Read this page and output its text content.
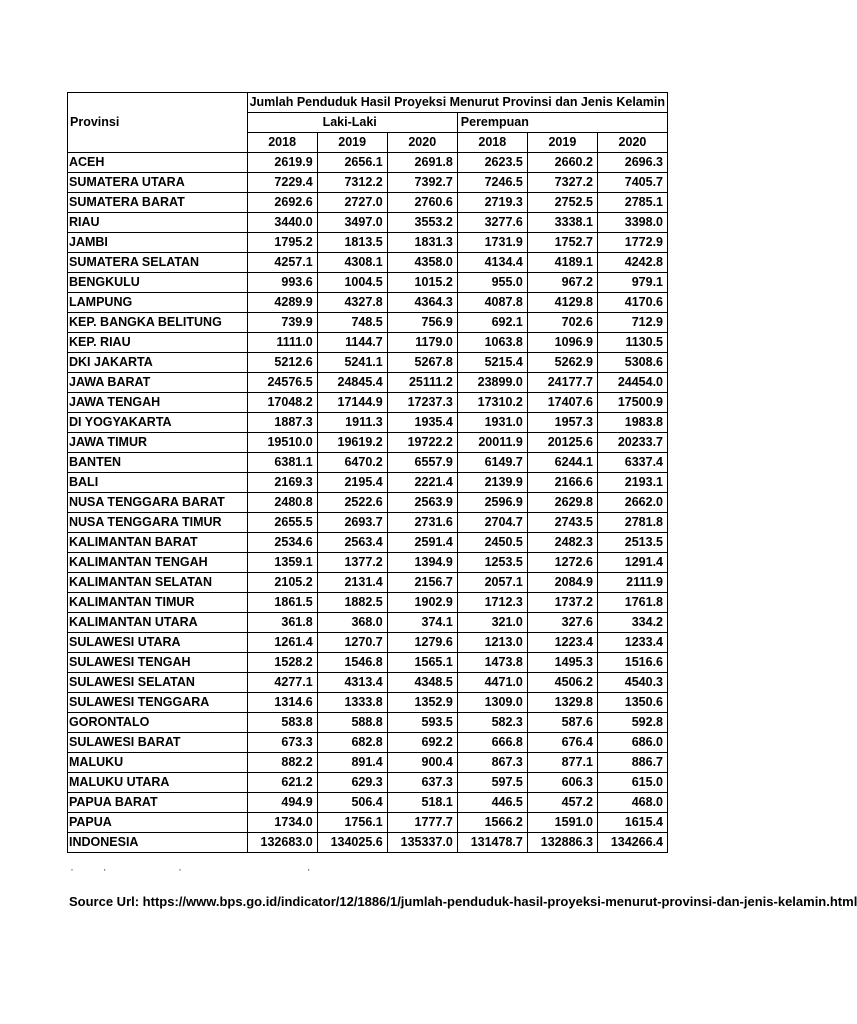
Provinsi	Jumlah Penduduk Hasil Proyeksi Menurut Provinsi dan Jenis Kelamin					
	Laki-Laki			Perempuan		
	2018	2019	2020	2018	2019	2020
ACEH	2619.9	2656.1	2691.8	2623.5	2660.2	2696.3
SUMATERA UTARA	7229.4	7312.2	7392.7	7246.5	7327.2	7405.7
SUMATERA BARAT	2692.6	2727.0	2760.6	2719.3	2752.5	2785.1
RIAU	3440.0	3497.0	3553.2	3277.6	3338.1	3398.0
JAMBI	1795.2	1813.5	1831.3	1731.9	1752.7	1772.9
SUMATERA SELATAN	4257.1	4308.1	4358.0	4134.4	4189.1	4242.8
BENGKULU	993.6	1004.5	1015.2	955.0	967.2	979.1
LAMPUNG	4289.9	4327.8	4364.3	4087.8	4129.8	4170.6
KEP. BANGKA BELITUNG	739.9	748.5	756.9	692.1	702.6	712.9
KEP. RIAU	1111.0	1144.7	1179.0	1063.8	1096.9	1130.5
DKI JAKARTA	5212.6	5241.1	5267.8	5215.4	5262.9	5308.6
JAWA BARAT	24576.5	24845.4	25111.2	23899.0	24177.7	24454.0
JAWA TENGAH	17048.2	17144.9	17237.3	17310.2	17407.6	17500.9
DI YOGYAKARTA	1887.3	1911.3	1935.4	1931.0	1957.3	1983.8
JAWA TIMUR	19510.0	19619.2	19722.2	20011.9	20125.6	20233.7
BANTEN	6381.1	6470.2	6557.9	6149.7	6244.1	6337.4
BALI	2169.3	2195.4	2221.4	2139.9	2166.6	2193.1
NUSA TENGGARA BARAT	2480.8	2522.6	2563.9	2596.9	2629.8	2662.0
NUSA TENGGARA TIMUR	2655.5	2693.7	2731.6	2704.7	2743.5	2781.8
KALIMANTAN BARAT	2534.6	2563.4	2591.4	2450.5	2482.3	2513.5
KALIMANTAN TENGAH	1359.1	1377.2	1394.9	1253.5	1272.6	1291.4
KALIMANTAN SELATAN	2105.2	2131.4	2156.7	2057.1	2084.9	2111.9
KALIMANTAN TIMUR	1861.5	1882.5	1902.9	1712.3	1737.2	1761.8
KALIMANTAN UTARA	361.8	368.0	374.1	321.0	327.6	334.2
SULAWESI UTARA	1261.4	1270.7	1279.6	1213.0	1223.4	1233.4
SULAWESI TENGAH	1528.2	1546.8	1565.1	1473.8	1495.3	1516.6
SULAWESI SELATAN	4277.1	4313.4	4348.5	4471.0	4506.2	4540.3
SULAWESI TENGGARA	1314.6	1333.8	1352.9	1309.0	1329.8	1350.6
GORONTALO	583.8	588.8	593.5	582.3	587.6	592.8
SULAWESI BARAT	673.3	682.8	692.2	666.8	676.4	686.0
MALUKU	882.2	891.4	900.4	867.3	877.1	886.7
MALUKU UTARA	621.2	629.3	637.3	597.5	606.3	615.0
PAPUA BARAT	494.9	506.4	518.1	446.5	457.2	468.0
PAPUA	1734.0	1756.1	1777.7	1566.2	1591.0	1615.4
INDONESIA	132683.0	134025.6	135337.0	131478.7	132886.3	134266.4
·     ·             ·                       ·
Source Url: https://www.bps.go.id/indicator/12/1886/1/jumlah-penduduk-hasil-proyeksi-menurut-provinsi-dan-jenis-kelamin.html
